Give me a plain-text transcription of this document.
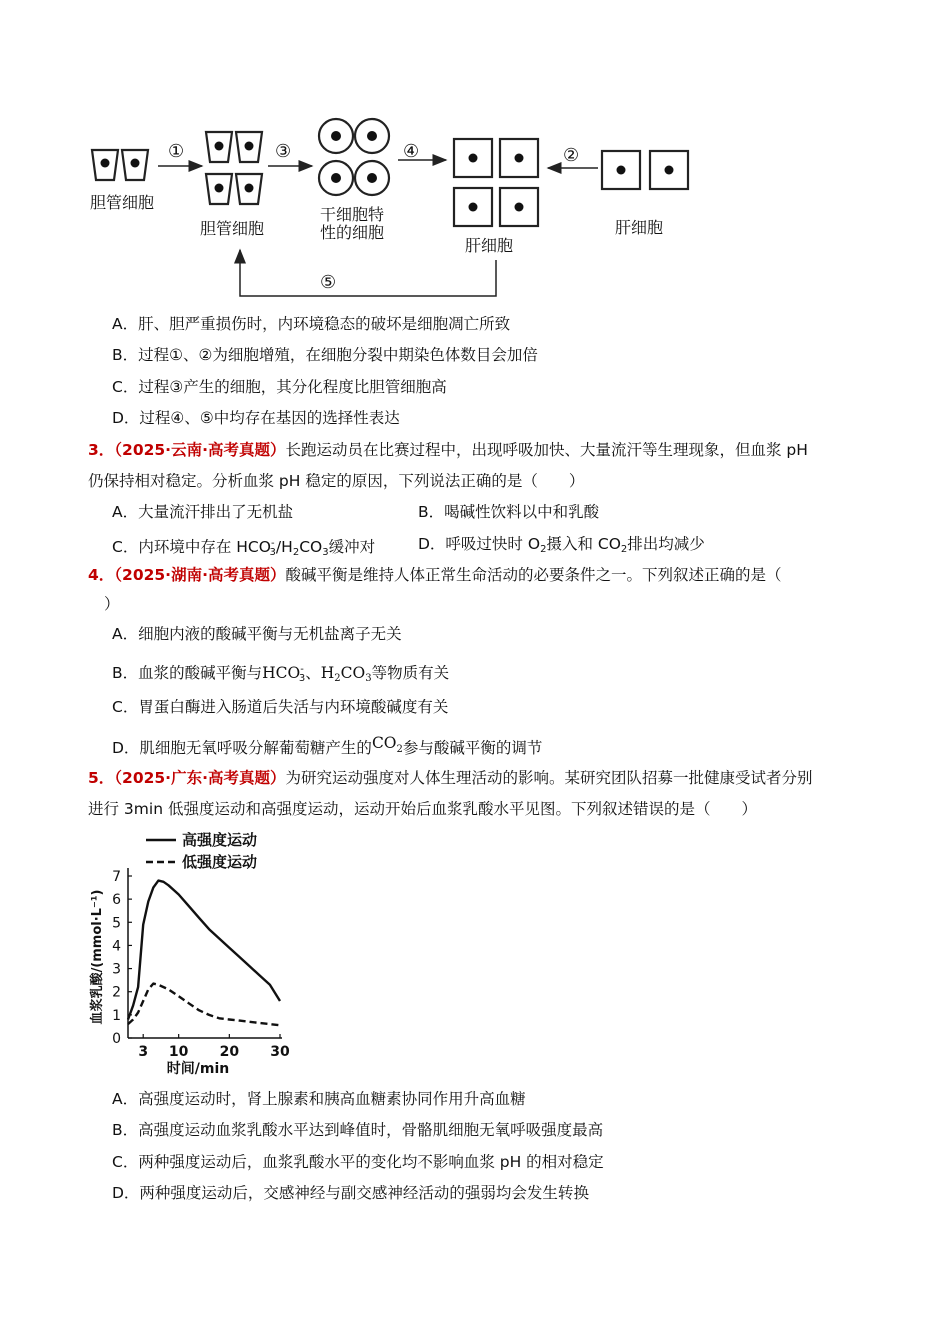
①	③	④	②
⑤
胆管细胞
胆管细胞
干细胞特
性的细胞
肝细胞
肝细胞
A．肝、胆严重损伤时，内环境稳态的破坏是细胞凋亡所致
B．过程①、②为细胞增殖，在细胞分裂中期染色体数目会加倍
C．过程③产生的细胞，其分化程度比胆管细胞高
D．过程④、⑤中均存在基因的选择性表达
3．（2025·云南·高考真题）长跑运动员在比赛过程中，出现呼吸加快、大量流汗等生理现象，但血浆 pH
仍保持相对稳定。分析血浆 pH 稳定的原因，下列说法正确的是（　　）
A．大量流汗排出了无机盐	B．喝碱性饮料以中和乳酸
C．内环境中存在 $HCO^-_3/H_2CO_3$缓冲对	D．呼吸过快时 $O_2$摄入和 $CO_2$排出均减少
4．（2025·湖南·高考真题）酸碱平衡是维持人体正常生命活动的必要条件之一。下列叙述正确的是（
）
A．细胞内液的酸碱平衡与无机盐离子无关
B．血浆的酸碱平衡与$HCO^-_3$、$H_2CO_3$等物质有关
C．胃蛋白酶进入肠道后失活与内环境酸碱度有关
D．肌细胞无氧呼吸分解葡萄糖产生的CO2参与酸碱平衡的调节
5．（2025·广东·高考真题）为研究运动强度对人体生理活动的影响。某研究团队招募一批健康受试者分别
进行 3min 低强度运动和高强度运动，运动开始后血浆乳酸水平见图。下列叙述错误的是（　　）
0
1
2
3
4
5
6
7
3 10 20 30
高强度运动
低强度运动
时间/min
血浆乳酸/(mmol·L⁻¹)
A．高强度运动时，肾上腺素和胰高血糖素协同作用升高血糖
B．高强度运动血浆乳酸水平达到峰值时，骨骼肌细胞无氧呼吸强度最高
C．两种强度运动后，血浆乳酸水平的变化均不影响血浆 pH 的相对稳定
D．两种强度运动后，交感神经与副交感神经活动的强弱均会发生转换
